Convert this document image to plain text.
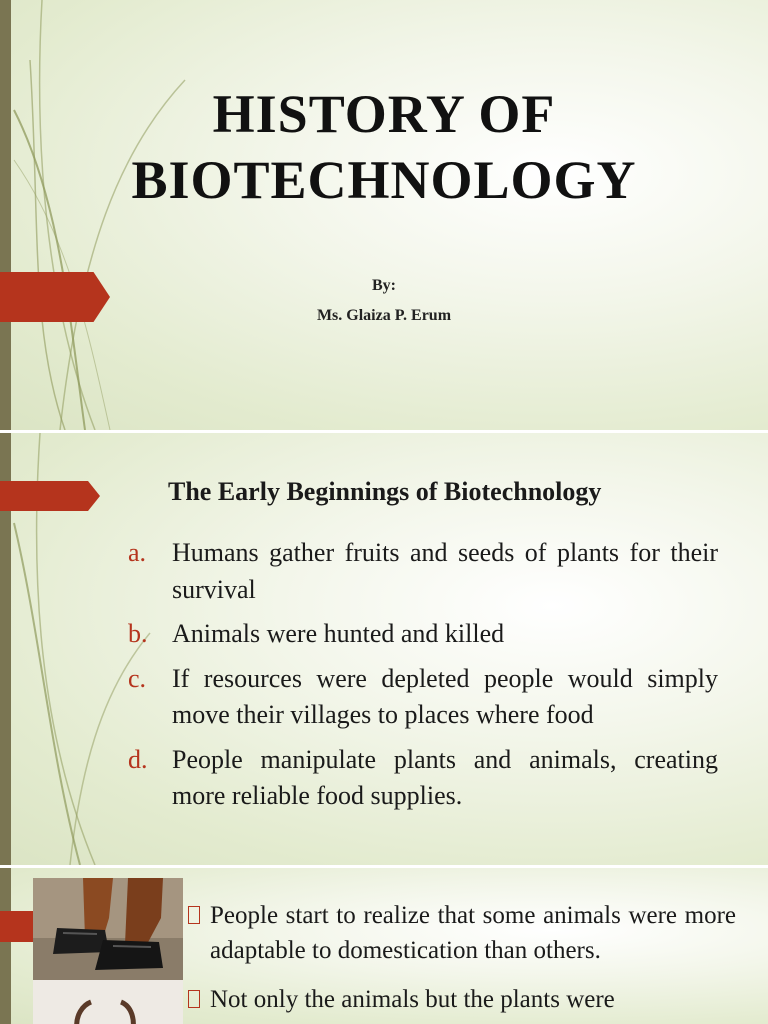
HISTORY OF
BIOTECHNOLOGY
By:
Ms. Glaiza P. Erum
The Early Beginnings of Biotechnology
a. Humans gather fruits and seeds of plants for their survival
b. Animals were hunted and killed
c. If resources were depleted people would simply move their villages to places where food
d. People manipulate plants and animals, creating more reliable food supplies.
People start to realize that some animals were more adaptable to domestication than others.
Not only the animals but the plants were
